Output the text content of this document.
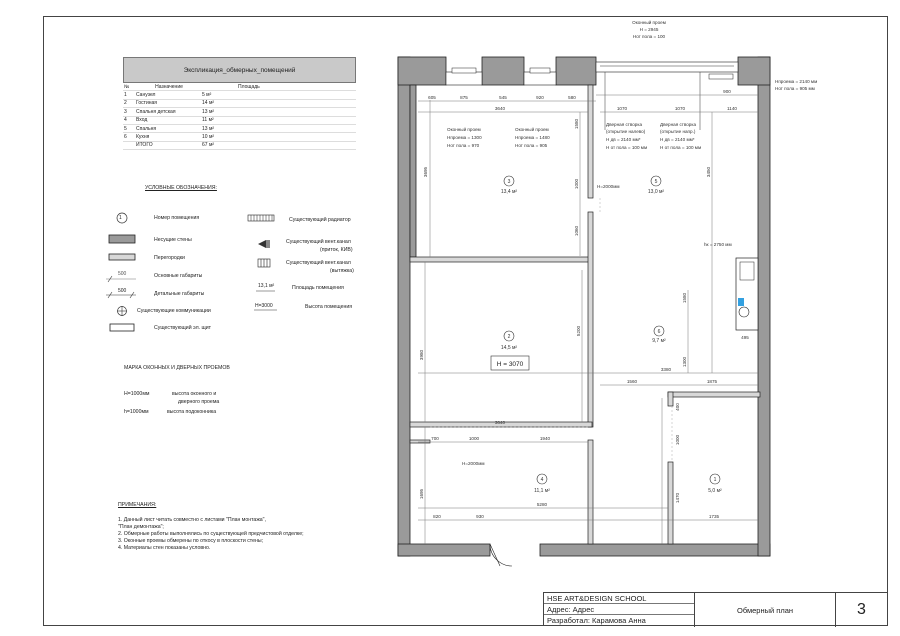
Экспликация_обмерных_помещений
№	Назначение	Площадь
1	Санузел	5 м²
2	Гостиная	14 м²
3	Спальня детская	13 м²
4	Вход	11 м²
5	Спальня	13 м²
6	Кухня	10 м²
ИТОГО	67 м²
УСЛОВНЫЕ ОБОЗНАЧЕНИЯ:
Номер помещения
Несущие стены
Перегородки
Основные габариты
Детальные габариты
Существующие коммуникации
Существующий эл. щит
500
500
1	Существующий радиатор
Существующий вент.канал
(приток, КИВ)
Существующий вент.канал
(вытяжка)
Площадь помещения
Высота помещения
13,1 м²
H=3000
МАРКА ОКОННЫХ И ДВЕРНЫХ ПРОЕМОВ
H=1000мм	высота оконного и
дверного проема
h=1000мм	высота подоконника
ПРИМЕЧАНИЯ:
1. Данный лист читать совместно с листами "План монтажа",
"План демонтажа";
2. Обмерные работы выполнялись по существующей предчистовой отделке;
3. Оконные проемы обмерены по откосу в плоскости стены;
4. Материалы стен показаны условно.
3
13,4 м²
5
13,0 м²
2
14,5 м²
6
9,7 м²
4
11,1 м²
1
5,0 м²
H = 3070
Оконный проем
H = 2945
Hот пола = 100
Hпроема = 2140 мм
Hот пола = 905 мм
Оконный проем
Hпроема = 1300
Hот пола = 970
Оконный проем
Hпроема = 1480
Hот пола = 905
Дверная створка
(открытие налево)
H дв = 2140 мм*
H от пола = 100 мм
Дверная створка
(открытие напр.)
H дв = 2140 мм*
H от пола = 100 мм
H=2000мм
H=2000мм
hк = 2750 мм
605	875	545	920	580
900
1070	1070	1140
3640
3380
1560	1875
495
3640
700	1000	1940
5280
820	930	1735
3695
1580
1000
1060
3450
1580
5200
3980
1300
400
1000
1695	1470
HSE ART&DESIGN SCHOOL
Адрес: Адрес
Разработал: Карамова Анна
Обмерный план	3
